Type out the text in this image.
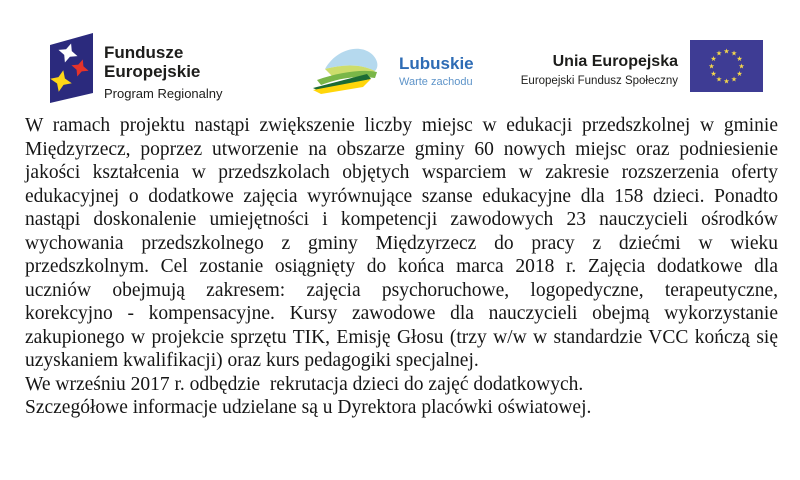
Fundusze
Europejskie
Program Regionalny
Lubuskie
Warte zachodu
Unia Europejska
Europejski Fundusz Społeczny
★ ★
★
★
★
★
★
★
★
★
★
★
W ramach projektu nastąpi zwiększenie liczby miejsc w edukacji przedszkolnej w gminie
Międzyrzecz, poprzez utworzenie na obszarze gminy 60 nowych miejsc oraz podniesienie
jakości kształcenia w przedszkolach objętych wsparciem w zakresie rozszerzenia oferty
edukacyjnej o dodatkowe zajęcia wyrównujące szanse edukacyjne dla 158 dzieci. Ponadto
nastąpi doskonalenie umiejętności i kompetencji zawodowych 23 nauczycieli ośrodków
wychowania przedszkolnego z gminy Międzyrzecz do pracy z dziećmi w wieku
przedszkolnym. Cel zostanie osiągnięty do końca marca 2018 r. Zajęcia dodatkowe dla
uczniów obejmują zakresem: zajęcia psychoruchowe, logopedyczne, terapeutyczne,
korekcyjno - kompensacyjne. Kursy zawodowe dla nauczycieli obejmą wykorzystanie
zakupionego w projekcie sprzętu TIK, Emisję Głosu (trzy w/w w standardzie VCC kończą się
uzyskaniem kwalifikacji) oraz kurs pedagogiki specjalnej.
We wrześniu 2017 r. odbędzie  rekrutacja dzieci do zajęć dodatkowych.
Szczegółowe informacje udzielane są u Dyrektora placówki oświatowej.
